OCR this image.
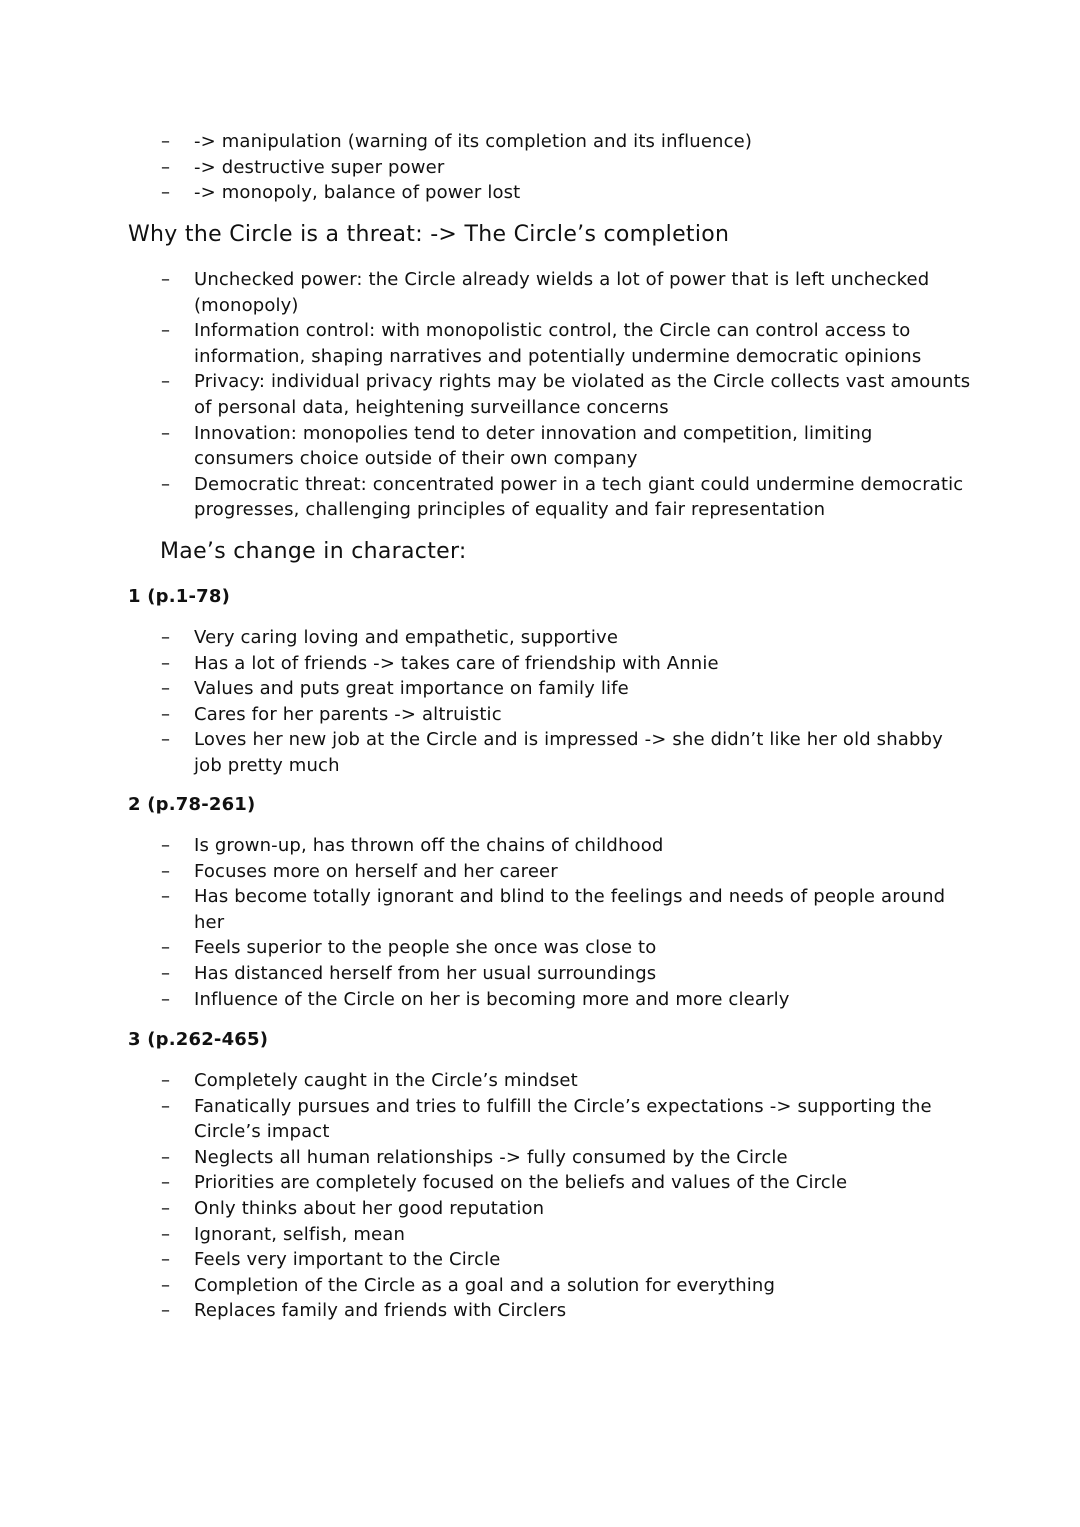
– -> manipulation (warning of its completion and its influence)
– -> destructive super power
– -> monopoly, balance of power lost
Why the Circle is a threat: -> The Circle’s completion
– Unchecked power: the Circle already wields a lot of power that is left unchecked (monopoly)
– Information control: with monopolistic control, the Circle can control access to information, shaping narratives and potentially undermine democratic opinions
– Privacy: individual privacy rights may be violated as the Circle collects vast amounts of personal data, heightening surveillance concerns
– Innovation: monopolies tend to deter innovation and competition, limiting consumers choice outside of their own company
– Democratic threat: concentrated power in a tech giant could undermine democratic progresses, challenging principles of equality and fair representation
Mae’s change in character:
1 (p.1-78)
– Very caring loving and empathetic, supportive
– Has a lot of friends -> takes care of friendship with Annie
– Values and puts great importance on family life
– Cares for her parents -> altruistic
– Loves her new job at the Circle and is impressed -> she didn’t like her old shabby job pretty much
2 (p.78-261)
– Is grown-up, has thrown off the chains of childhood
– Focuses more on herself and her career
– Has become totally ignorant and blind to the feelings and needs of people around her
– Feels superior to the people she once was close to
– Has distanced herself from her usual surroundings
– Influence of the Circle on her is becoming more and more clearly
3 (p.262-465)
– Completely caught in the Circle’s mindset
– Fanatically pursues and tries to fulfill the Circle’s expectations -> supporting the Circle’s impact
– Neglects all human relationships -> fully consumed by the Circle
– Priorities are completely focused on the beliefs and values of the Circle
– Only thinks about her good reputation
– Ignorant, selfish, mean
– Feels very important to the Circle
– Completion of the Circle as a goal and a solution for everything
– Replaces family and friends with Circlers
